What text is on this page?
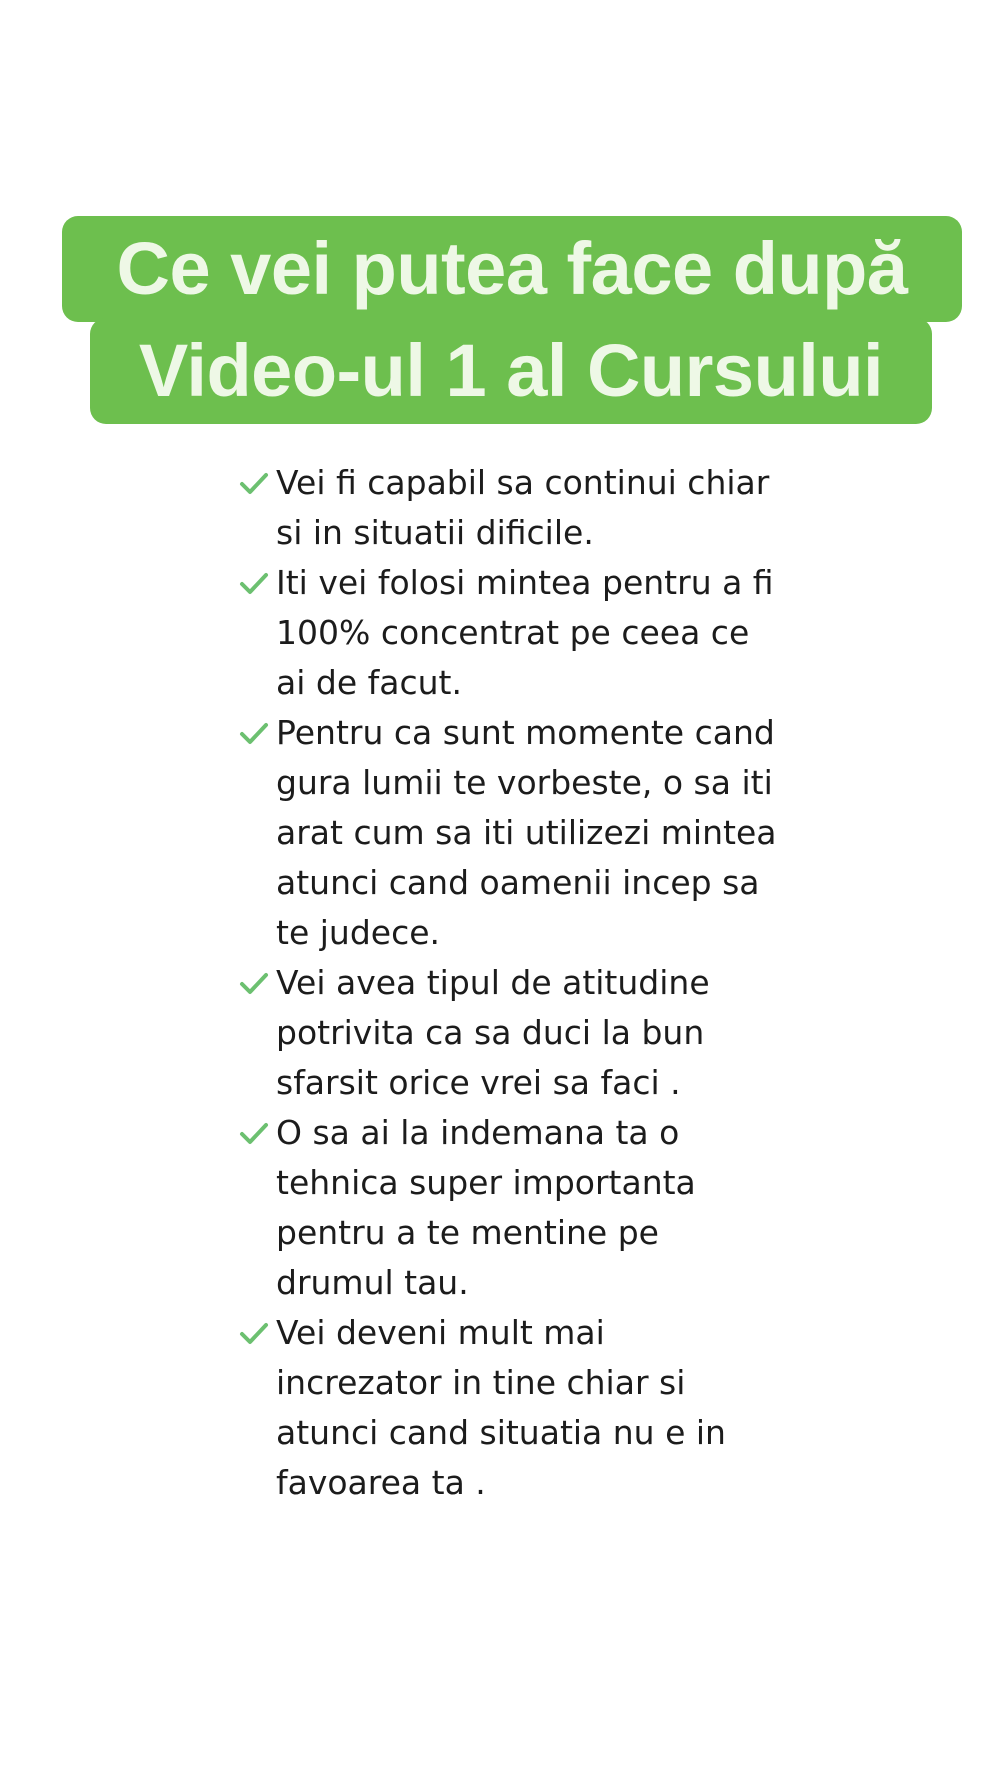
Ce vei putea face după
Video-ul 1 al Cursului
Vei fi capabil sa continui chiar si in situatii dificile.
Iti vei folosi mintea pentru a fi 100% concentrat pe ceea ce ai de facut.
Pentru ca sunt momente cand gura lumii te vorbeste, o sa iti arat cum sa iti utilizezi mintea atunci cand oamenii incep sa te judece.
Vei avea tipul de atitudine potrivita ca sa duci la bun sfarsit orice vrei sa faci .
O sa ai la indemana ta o tehnica super importanta pentru a te mentine pe drumul tau.
Vei deveni mult mai increzator in tine chiar si atunci cand situatia nu e in favoarea ta .
